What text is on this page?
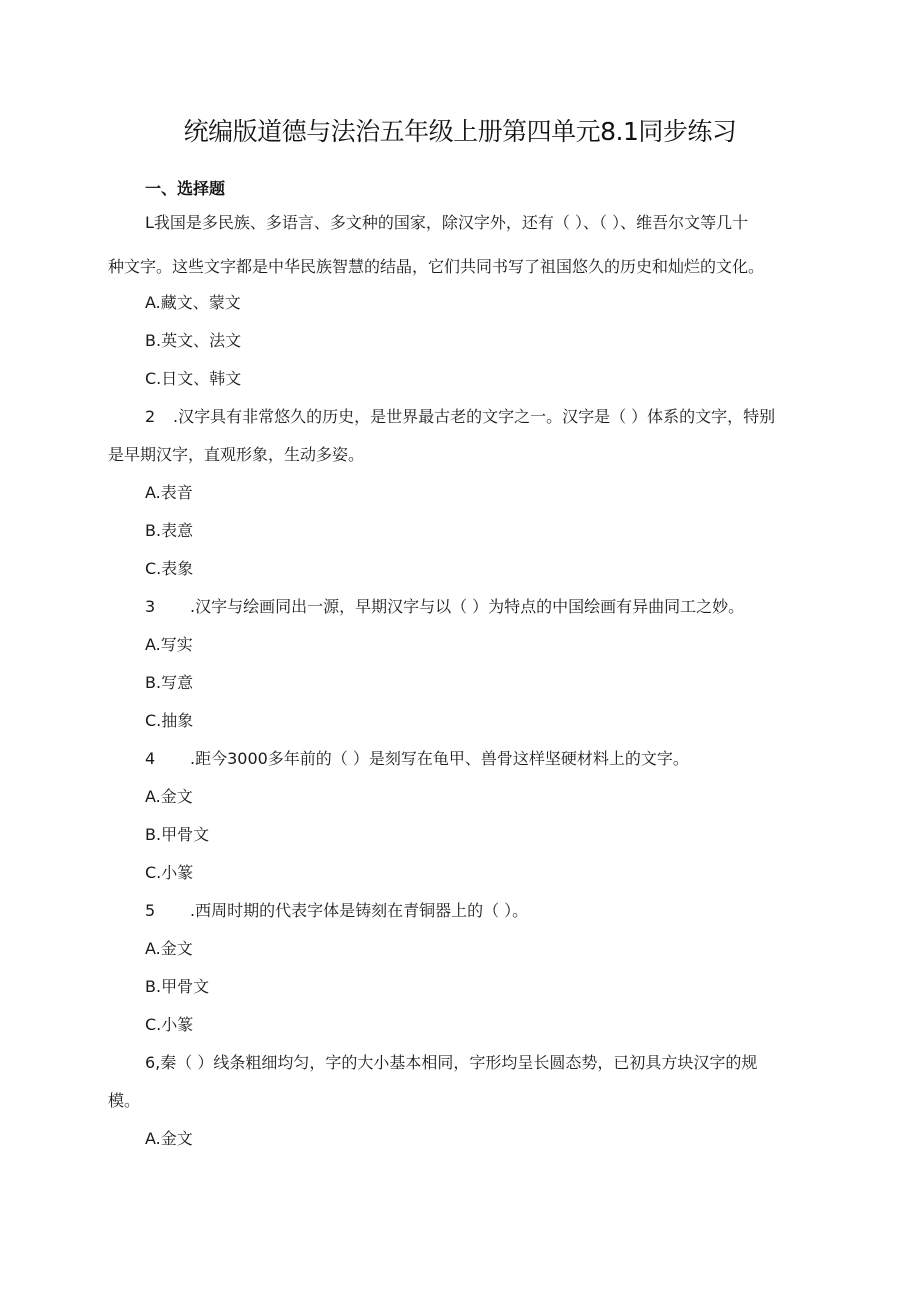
统编版道德与法治五年级上册第四单元8.1同步练习
一、选择题
L我国是多民族、多语言、多文种的国家，除汉字外，还有（ ）、（ ）、维吾尔文等几十
种文字。这些文字都是中华民族智慧的结晶，它们共同书写了祖国悠久的历史和灿烂的文化。
A.藏文、蒙文
B.英文、法文
C.日文、韩文
2 .汉字具有非常悠久的历史，是世界最古老的文字之一。汉字是（ ）体系的文字，特别
是早期汉字，直观形象，生动多姿。
A.表音
B.表意
C.表象
3 .汉字与绘画同出一源，早期汉字与以（ ）为特点的中国绘画有异曲同工之妙。
A.写实
B.写意
C.抽象
4 .距今3000多年前的（ ）是刻写在龟甲、兽骨这样坚硬材料上的文字。
A.金文
B.甲骨文
C.小篆
5 .西周时期的代表字体是铸刻在青铜器上的（ ）。
A.金文
B.甲骨文
C.小篆
6,秦（ ）线条粗细均匀，字的大小基本相同，字形均呈长圆态势，已初具方块汉字的规
模。
A.金文
